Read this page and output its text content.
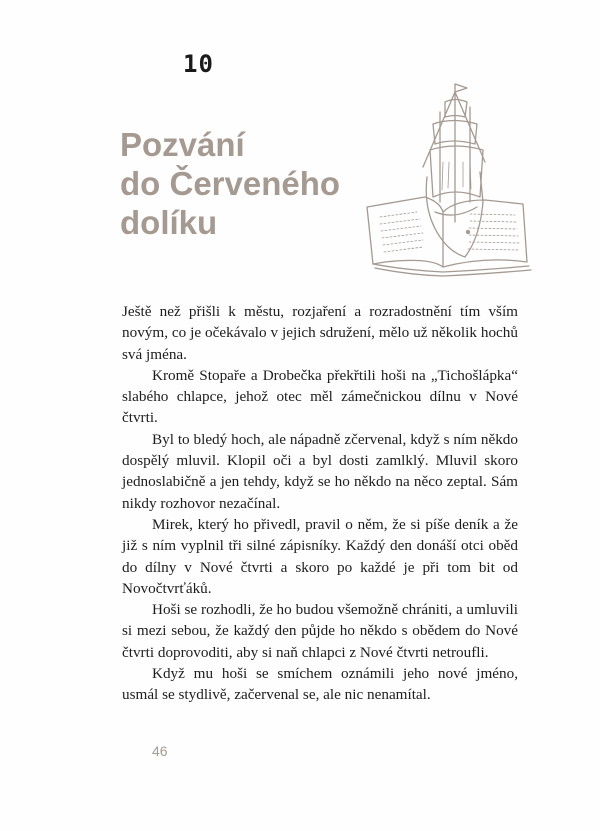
10
Pozvání
do Červeného
dolíku

Ještě než přišli k městu, rozjaření a rozradostnění tím vším novým, co je očekávalo v jejich sdružení, mělo už několik hochů svá jména.

Kromě Stopaře a Drobečka překřtili hoši na „Tichošlápka“ slabého chlapce, jehož otec měl zámečnickou dílnu v Nové čtvrti.

Byl to bledý hoch, ale nápadně zčervenal, když s ním někdo dospělý mluvil. Klopil oči a byl dosti zamlklý. Mluvil skoro jednoslabičně a jen tehdy, když se ho někdo na něco zeptal. Sám nikdy rozhovor nezačínal.

Mirek, který ho přivedl, pravil o něm, že si píše deník a že již s ním vyplnil tři silné zápisníky. Každý den donáší otci oběd do dílny v Nové čtvrti a skoro po každé je při tom bit od Novočtvrťáků.

Hoši se rozhodli, že ho budou všemožně chrániti, a umluvili si mezi sebou, že každý den půjde ho někdo s obědem do Nové čtvrti doprovoditi, aby si naň chlapci z Nové čtvrti netroufli.

Když mu hoši se smíchem oznámili jeho nové jméno, usmál se stydlivě, začervenal se, ale nic nenamítal.

46
